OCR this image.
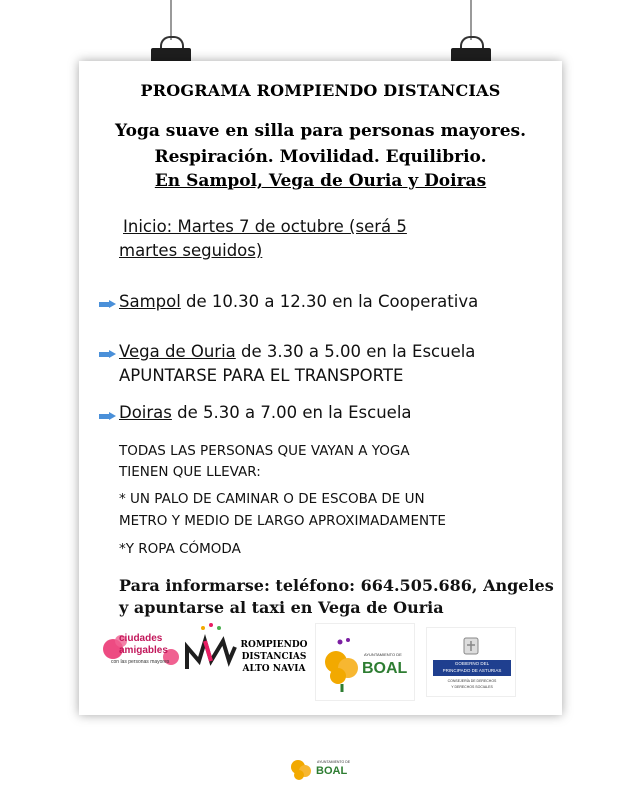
PROGRAMA ROMPIENDO DISTANCIAS
Yoga suave en silla para personas mayores.
Respiración. Movilidad. Equilibrio.
En Sampol, Vega de Ouria y Doiras
Inicio: Martes 7 de octubre (será 5
martes seguidos)
Sampol de 10.30 a 12.30 en la Cooperativa
Vega de Ouria de 3.30 a 5.00 en la Escuela
APUNTARSE PARA EL TRANSPORTE
Doiras de 5.30 a 7.00 en la Escuela
TODAS LAS PERSONAS QUE VAYAN A YOGA
TIENEN QUE LLEVAR:
* UN PALO DE CAMINAR O DE ESCOBA DE UN
METRO Y MEDIO DE LARGO APROXIMADAMENTE
*Y ROPA CÓMODA
Para informarse: teléfono: 664.505.686, Angeles
y apuntarse al taxi en Vega de Ouria
ciudades
amigables
con las personas mayores
ROMPIENDO
DISTANCIAS
ALTO NAVIA
AYUNTAMIENTO DE
BOAL	GOBIERNO DEL
PRINCIPADO DE ASTURIAS
CONSEJERÍA DE DERECHOS
Y DERECHOS SOCIALES
AYUNTAMIENTO DE
BOAL
